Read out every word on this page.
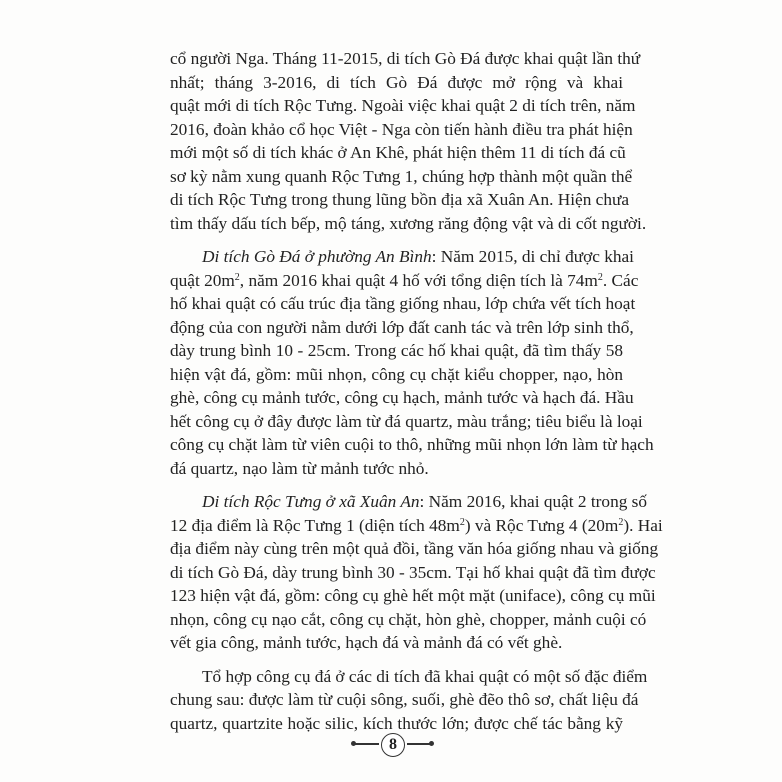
cổ người Nga. Tháng 11-2015, di tích Gò Đá được khai quật lần thứ
nhất; tháng 3-2016, di tích Gò Đá được mở rộng và khai
quật mới di tích Rộc Tưng. Ngoài việc khai quật 2 di tích trên, năm
2016, đoàn khảo cổ học Việt - Nga còn tiến hành điều tra phát hiện
mới một số di tích khác ở An Khê, phát hiện thêm 11 di tích đá cũ
sơ kỳ nằm xung quanh Rộc Tưng 1, chúng hợp thành một quần thể
di tích Rộc Tưng trong thung lũng bồn địa xã Xuân An. Hiện chưa
tìm thấy dấu tích bếp, mộ táng, xương răng động vật và di cốt người.
Di tích Gò Đá ở phường An Bình: Năm 2015, di chỉ được khai
quật $20m^2$, năm 2016 khai quật 4 hố với tổng diện tích là $74m^2$. Các
hố khai quật có cấu trúc địa tầng giống nhau, lớp chứa vết tích hoạt
động của con người nằm dưới lớp đất canh tác và trên lớp sinh thổ,
dày trung bình 10 - 25cm. Trong các hố khai quật, đã tìm thấy 58
hiện vật đá, gồm: mũi nhọn, công cụ chặt kiểu chopper, nạo, hòn
ghè, công cụ mảnh tước, công cụ hạch, mảnh tước và hạch đá. Hầu
hết công cụ ở đây được làm từ đá quartz, màu trắng; tiêu biểu là loại
công cụ chặt làm từ viên cuội to thô, những mũi nhọn lớn làm từ hạch
đá quartz, nạo làm từ mảnh tước nhỏ.
Di tích Rộc Tưng ở xã Xuân An: Năm 2016, khai quật 2 trong số
12 địa điểm là Rộc Tưng 1 (diện tích $48m^2$) và Rộc Tưng 4 $(20m^2)$. Hai
địa điểm này cùng trên một quả đồi, tầng văn hóa giống nhau và giống
di tích Gò Đá, dày trung bình 30 - 35cm. Tại hố khai quật đã tìm được
123 hiện vật đá, gồm: công cụ ghè hết một mặt (uniface), công cụ mũi
nhọn, công cụ nạo cắt, công cụ chặt, hòn ghè, chopper, mảnh cuội có
vết gia công, mảnh tước, hạch đá và mảnh đá có vết ghè.
Tổ hợp công cụ đá ở các di tích đã khai quật có một số đặc điểm
chung sau: được làm từ cuội sông, suối, ghè đẽo thô sơ, chất liệu đá
quartz, quartzite hoặc silic, kích thước lớn; được chế tác bằng kỹ
8
